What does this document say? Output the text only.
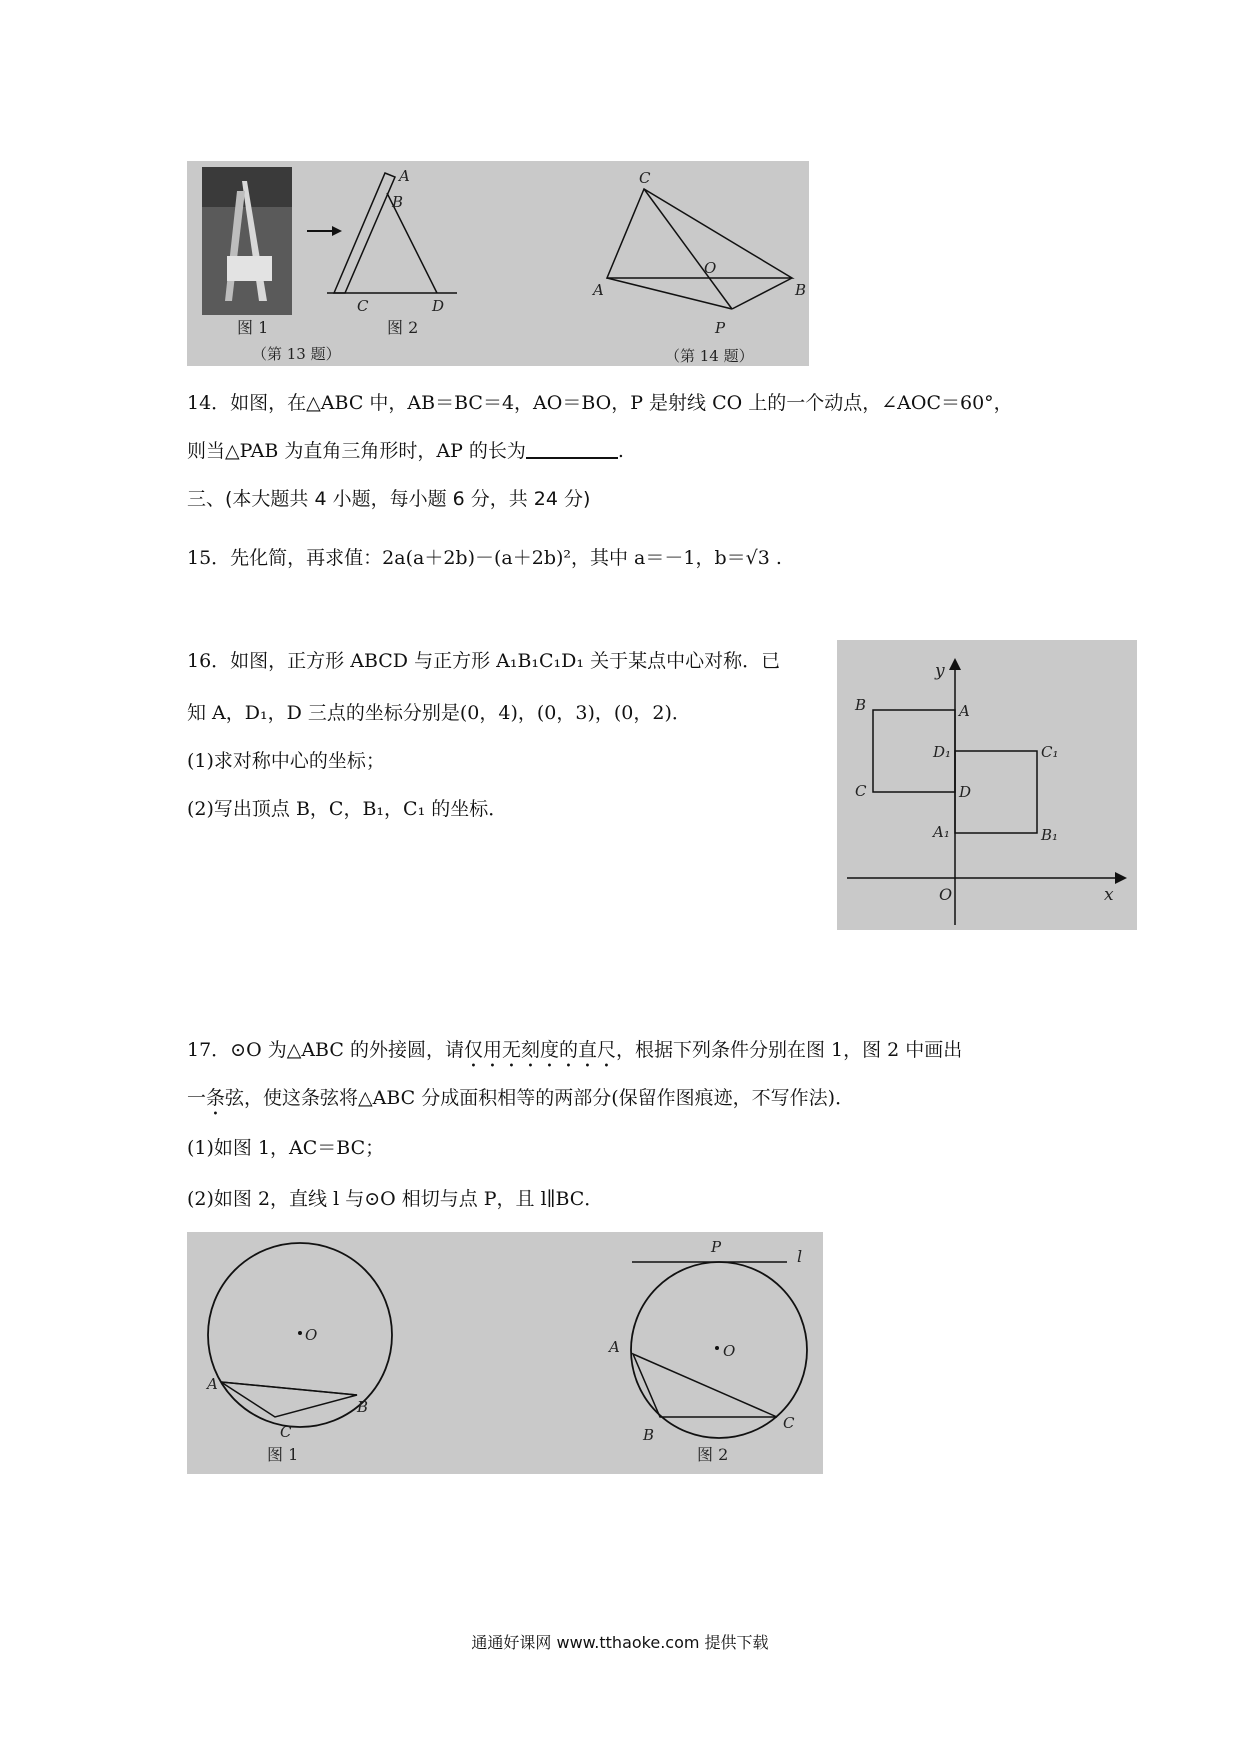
图 1
A
B
C	D
图 2
（第 13 题）
C
A	B
O
P
（第 14 题）
14．如图，在△ABC 中，AB＝BC＝4，AO＝BO，P 是射线 CO 上的一个动点，∠AOC＝60°，
则当△PAB 为直角三角形时，AP 的长为	.
三、(本大题共 4 小题，每小题 6 分，共 24 分)
15．先化简，再求值：2a(a＋2b)－(a＋2b)²，其中 a＝－1，b＝√3 .
16．如图，正方形 ABCD 与正方形 A₁B₁C₁D₁ 关于某点中心对称．已
知 A，D₁，D 三点的坐标分别是(0，4)，(0，3)，(0，2)．
(1)求对称中心的坐标；
(2)写出顶点 B，C，B₁，C₁ 的坐标．
y
x
O
B	A
C	D
D₁	C₁
A₁	B₁
17．⊙O 为△ABC 的外接圆，请仅用无刻度的直尺，根据下列条件分别在图 1，图 2 中画出
一条弦，使这条弦将△ABC 分成面积相等的两部分(保留作图痕迹，不写作法)．
(1)如图 1，AC＝BC；
(2)如图 2，直线 l 与⊙O 相切与点 P，且 l∥BC．
O
A
B
C
图 1
P	l
O
A
B
C
图 2
通通好课网 www.tthaoke.com 提供下载
